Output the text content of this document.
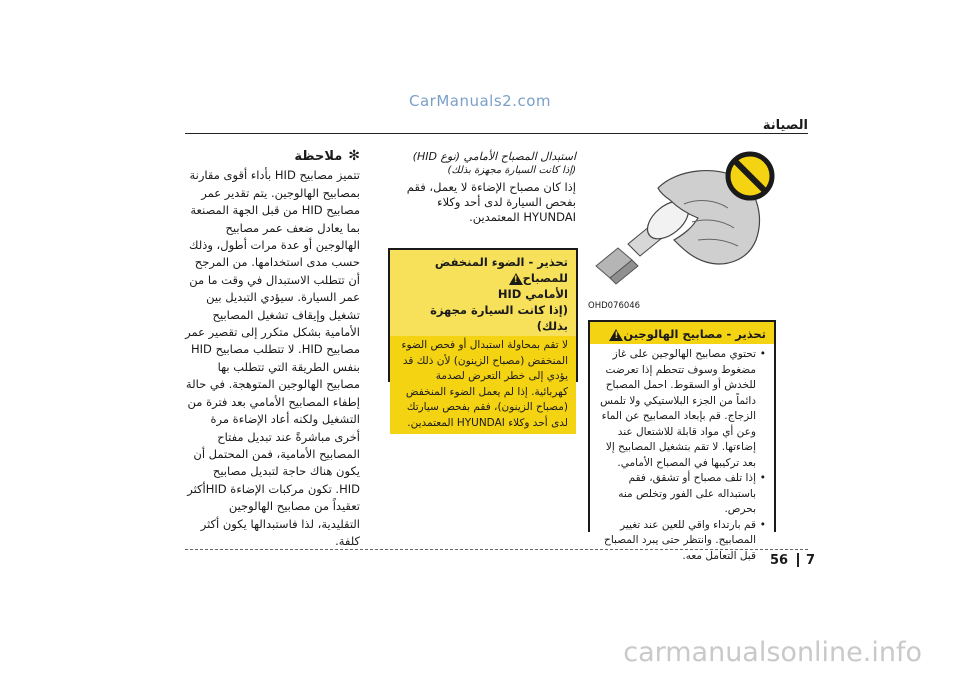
CarManuals2.com
الصيانة
✻ملاحظة
تتميز مصابيح HID بأداء أقوى مقارنة بمصابيح الهالوجين. يتم تقدير عمر مصابيح HID من قبل الجهة المصنعة بما يعادل ضعف عمر مصابيح الهالوجين أو عدة مرات أطول، وذلك حسب مدى استخدامها. من المرجح أن تتطلب الاستبدال في وقت ما من عمر السيارة. سيؤدي التبديل بين تشغيل وإيقاف تشغيل المصابيح الأمامية بشكل متكرر إلى تقصير عمر مصابيح HID. لا تتطلب مصابيح HID بنفس الطريقة التي تتطلب بها مصابيح الهالوجين المتوهجة. في حالة إطفاء المصابيح الأمامي بعد فترة من التشغيل ولكنه أعاد الإضاءة مرة أخرى مباشرةً عند تبديل مفتاح المصابيح الأمامية، فمن المحتمل أن يكون هناك حاجة لتبديل مصابيح HID. تكون مركبات الإضاءة HIDأكثر تعقيداً من مصابيح الهالوجين التقليدية، لذا فاستبدالها يكون أكثر كلفة.
استبدال المصباح الأمامي (نوع HID)
(إذا كانت السيارة مجهزة بذلك)
إذا كان مصباح الإضاءة لا يعمل، فقم بفحص السيارة لدى أحد وكلاء HYUNDAI المعتمدين.
تحذير - الضوء المنخفض للمصباح
!
الأمامي HID
(إذا كانت السيارة مجهزة بذلك)
لا تقم بمحاولة استبدال أو فحص الضوء المنخفض (مصباح الزينون) لأن ذلك قد يؤدي إلى خطر التعرض لصدمة كهربائية. إذا لم يعمل الضوء المنخفض (مصباح الزينون)، فقم بفحص سيارتك لدى أحد وكلاء HYUNDAI المعتمدين.
OHD076046
تحذير - مصابيح الهالوجين
!
• تحتوي مصابيح الهالوجين على غاز مضغوط وسوف تتحطم إذا تعرضت للخدش أو السقوط. احمل المصباح دائماً من الجزء البلاستيكي ولا تلمس الزجاج. قم بإبعاد المصابيح عن الماء وعن أي مواد قابلة للاشتعال عند إضاءتها. لا تقم بتشغيل المصابيح إلا بعد تركيبها في المصباح الأمامي.
• إذا تلف مصباح أو تشقق، فقم باستبداله على الفور وتخلص منه بحرص.
• قم بارتداء واقي للعين عند تغيير المصابيح. وانتظر حتى يبرد المصباح قبل التعامل معه.	56 7
carmanualsonline.info
